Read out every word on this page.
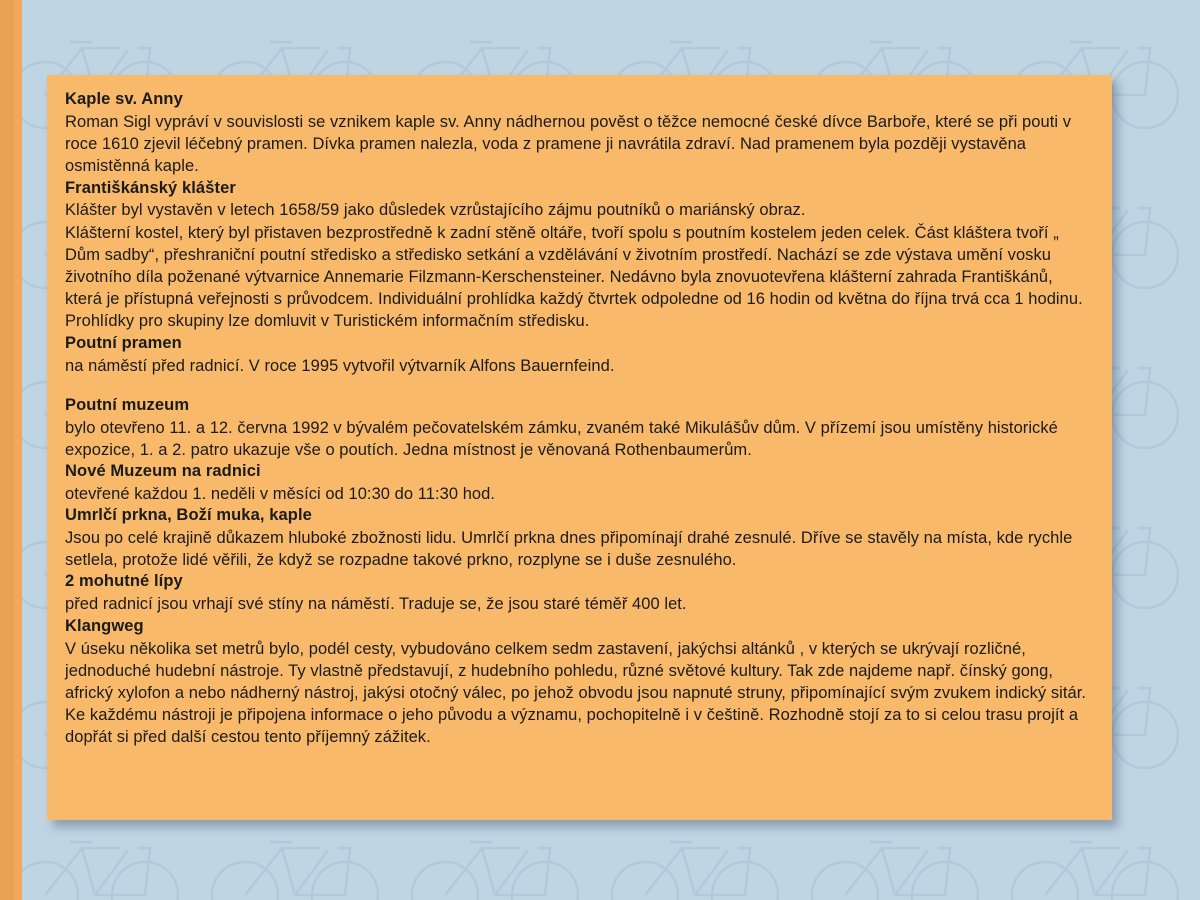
Kaple sv. Anny

Roman Sigl vypráví v souvislosti se vznikem kaple sv. Anny nádhernou pověst o těžce nemocné české dívce Barboře, které se při pouti v roce 1610 zjevil léčebný pramen. Dívka pramen nalezla, voda z pramene ji navrátila zdraví. Nad pramenem byla později vystavěna osmistěnná kaple.

Františkánský klášter

Klášter byl vystavěn v letech 1658/59 jako důsledek vzrůstajícího zájmu poutníků o mariánský obraz.

Klášterní kostel, který byl přistaven bezprostředně k zadní stěně oltáře, tvoří spolu s poutním kostelem jeden celek. Část kláštera tvoří „ Dům sadby“, přeshraniční poutní středisko a středisko setkání a vzdělávání v životním prostředí. Nachází se zde výstava umění vosku životního díla poženané výtvarnice Annemarie Filzmann-Kerschensteiner. Nedávno byla znovuotevřena klášterní zahrada Františkánů, která je přístupná veřejnosti s průvodcem. Individuální prohlídka každý čtvrtek odpoledne od 16 hodin od května do října trvá cca 1 hodinu. Prohlídky pro skupiny lze domluvit v Turistickém informačním středisku.

Poutní pramen

na náměstí před radnicí. V roce 1995 vytvořil výtvarník Alfons Bauernfeind.

Poutní muzeum

bylo otevřeno 11. a 12. června 1992 v bývalém pečovatelském zámku, zvaném také Mikulášův dům. V přízemí jsou umístěny historické expozice, 1. a 2. patro ukazuje vše o poutích. Jedna místnost je věnovaná Rothenbaumerům.

Nové Muzeum na radnici

otevřené každou 1. neděli v měsíci od 10:30 do 11:30 hod.

Umrlčí prkna, Boží muka, kaple

Jsou po celé krajině důkazem hluboké zbožnosti lidu. Umrlčí prkna dnes připomínají drahé zesnulé. Dříve se stavěly na místa, kde rychle setlela, protože lidé věřili, že když se rozpadne takové prkno, rozplyne se i duše zesnulého.

2 mohutné lípy

před radnicí jsou vrhají své stíny na náměstí. Traduje se, že jsou staré téměř 400 let.

Klangweg

V úseku několika set metrů bylo, podél cesty, vybudováno celkem sedm zastavení, jakýchsi altánků , v kterých se ukrývají rozličné, jednoduché hudební nástroje. Ty vlastně představují, z hudebního pohledu, různé světové kultury. Tak zde najdeme např. čínský gong, africký xylofon a nebo nádherný nástroj, jakýsi otočný válec, po jehož obvodu jsou napnuté struny, připomínající svým zvukem indický sitár. Ke každému nástroji je připojena informace o jeho původu a významu, pochopitelně i v češtině. Rozhodně stojí za to si celou trasu projít a dopřát si před další cestou tento příjemný zážitek.
